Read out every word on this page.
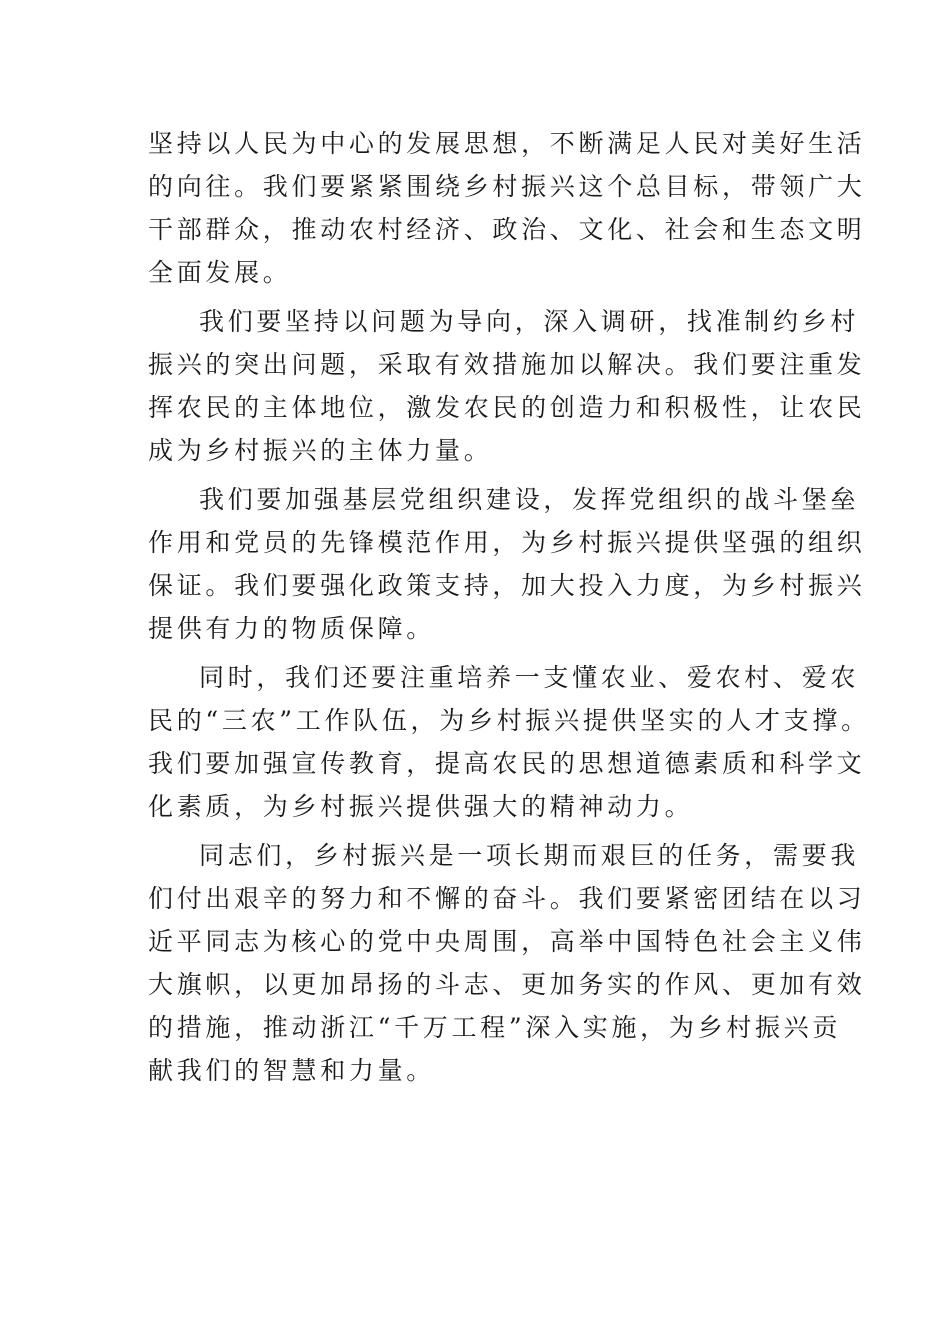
坚持以人民为中心的发展思想，不断满足人民对美好生活
的向往。我们要紧紧围绕乡村振兴这个总目标，带领广大
干部群众，推动农村经济、政治、文化、社会和生态文明
全面发展。
我们要坚持以问题为导向，深入调研，找准制约乡村
振兴的突出问题，采取有效措施加以解决。我们要注重发
挥农民的主体地位，激发农民的创造力和积极性，让农民
成为乡村振兴的主体力量。
我们要加强基层党组织建设，发挥党组织的战斗堡垒
作用和党员的先锋模范作用，为乡村振兴提供坚强的组织
保证。我们要强化政策支持，加大投入力度，为乡村振兴
提供有力的物质保障。
同时，我们还要注重培养一支懂农业、爱农村、爱农
民的“三农”工作队伍，为乡村振兴提供坚实的人才支撑。
我们要加强宣传教育，提高农民的思想道德素质和科学文
化素质，为乡村振兴提供强大的精神动力。
同志们，乡村振兴是一项长期而艰巨的任务，需要我
们付出艰辛的努力和不懈的奋斗。我们要紧密团结在以习
近平同志为核心的党中央周围，高举中国特色社会主义伟
大旗帜，以更加昂扬的斗志、更加务实的作风、更加有效
的措施，推动浙江“千万工程”深入实施，为乡村振兴贡
献我们的智慧和力量。
